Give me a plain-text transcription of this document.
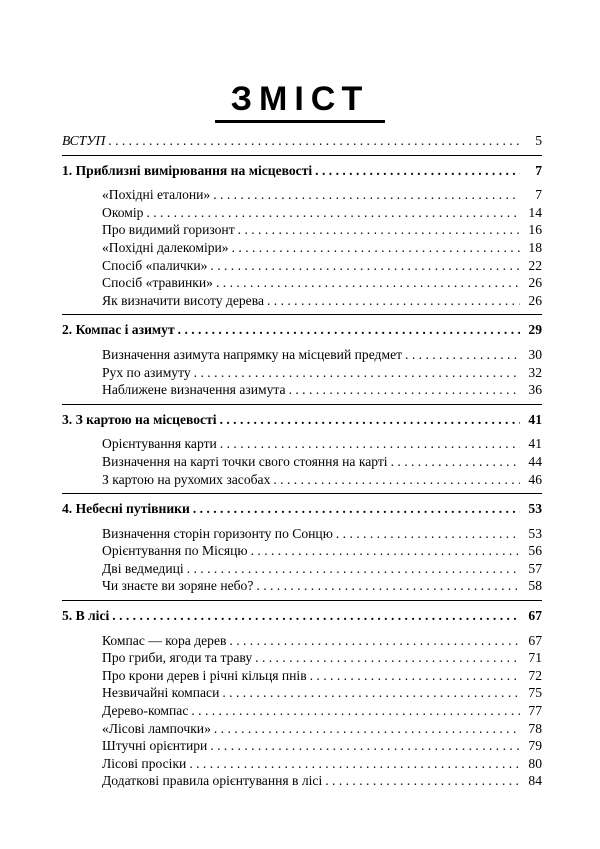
ЗМІСТ
ВСТУП . . .	5
1. Приблизні вимірювання на місцевості . . .	7
«Похідні еталони» . . .	7
Окомір . . .	14
Про видимий горизонт . . .	16
«Похідні далекоміри» . . .	18
Спосіб «палички» . . .	22
Спосіб «травинки» . . .	26
Як визначити висоту дерева . . .	26
2. Компас і азимут . . .	29
Визначення азимута напрямку на місцевий предмет . . .	30
Рух по азимуту . . .	32
Наближене визначення азимута . . .	36
3. З картою на місцевості . . .	41
Орієнтування карти . . .	41
Визначення на карті точки свого стояння на карті . . .	44
З картою на рухомих засобах . . .	46
4. Небесні путівники . . .	53
Визначення сторін горизонту по Сонцю . . .	53
Орієнтування по Місяцю . . .	56
Дві ведмедиці . . .	57
Чи знаєте ви зоряне небо? . . .	58
5. В лісі . . .	67
Компас — кора дерев . . .	67
Про гриби, ягоди та траву . . .	71
Про крони дерев і річні кільця пнів . . .	72
Незвичайні компаси . . .	75
Дерево-компас . . .	77
«Лісові лампочки» . . .	78
Штучні орієнтири . . .	79
Лісові просіки . . .	80
Додаткові правила орієнтування в лісі . . .	84
